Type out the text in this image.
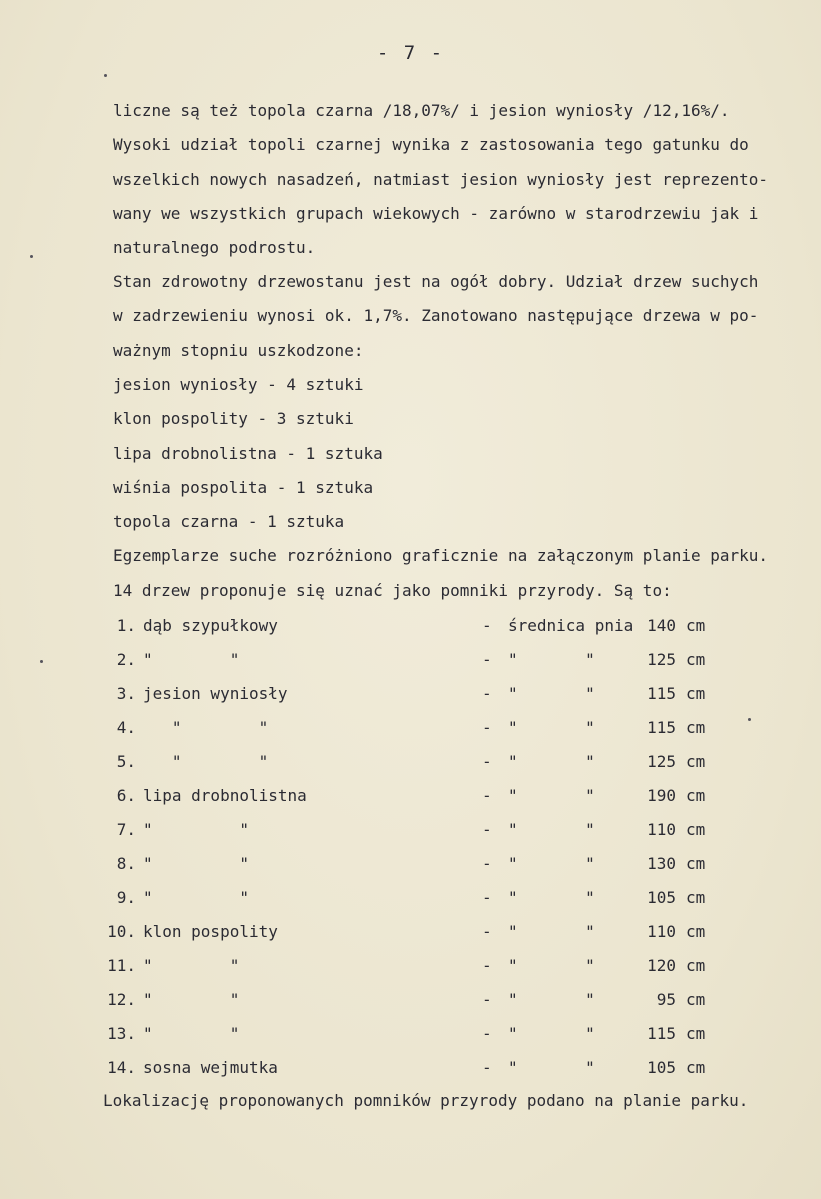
- 7 -
liczne są też topola czarna /18,07%/ i jesion wyniosły /12,16%/.
Wysoki udział topoli czarnej wynika z zastosowania tego gatunku do
wszelkich nowych nasadzeń, natmiast jesion wyniosły jest reprezento-
wany we wszystkich grupach wiekowych - zarówno w starodrzewiu jak i
naturalnego podrostu.
Stan zdrowotny drzewostanu jest na ogół dobry. Udział drzew suchych
w zadrzewieniu wynosi ok. 1,7%. Zanotowano następujące drzewa w po-
ważnym stopniu uszkodzone:
jesion wyniosły - 4 sztuki
klon pospolity - 3 sztuki
lipa drobnolistna - 1 sztuka
wiśnia pospolita - 1 sztuka
topola czarna - 1 sztuka
Egzemplarze suche rozróżniono graficznie na załączonym planie parku.
14 drzew proponuje się uznać jako pomniki przyrody. Są to:
1. dąb szypułkowy	- średnica pnia 140 cm
2. "        "	- "       "	125 cm
3. jesion wyniosły	- "       "	115 cm
4. "        "	- "       "	115 cm
5. "        "	- "       "	125 cm
6. lipa drobnolistna	- "       "	190 cm
7. "         "	- "       "	110 cm
8. "         "	- "       "	130 cm
9. "         "	- "       "	105 cm
10. klon pospolity	- "       "	110 cm
11. "        "	- "       "	120 cm
12. "        "	- "       "	95 cm
13. "        "	- "       "	115 cm
14. sosna wejmutka	- "       "	105 cm
Lokalizację proponowanych pomników przyrody podano na planie parku.
